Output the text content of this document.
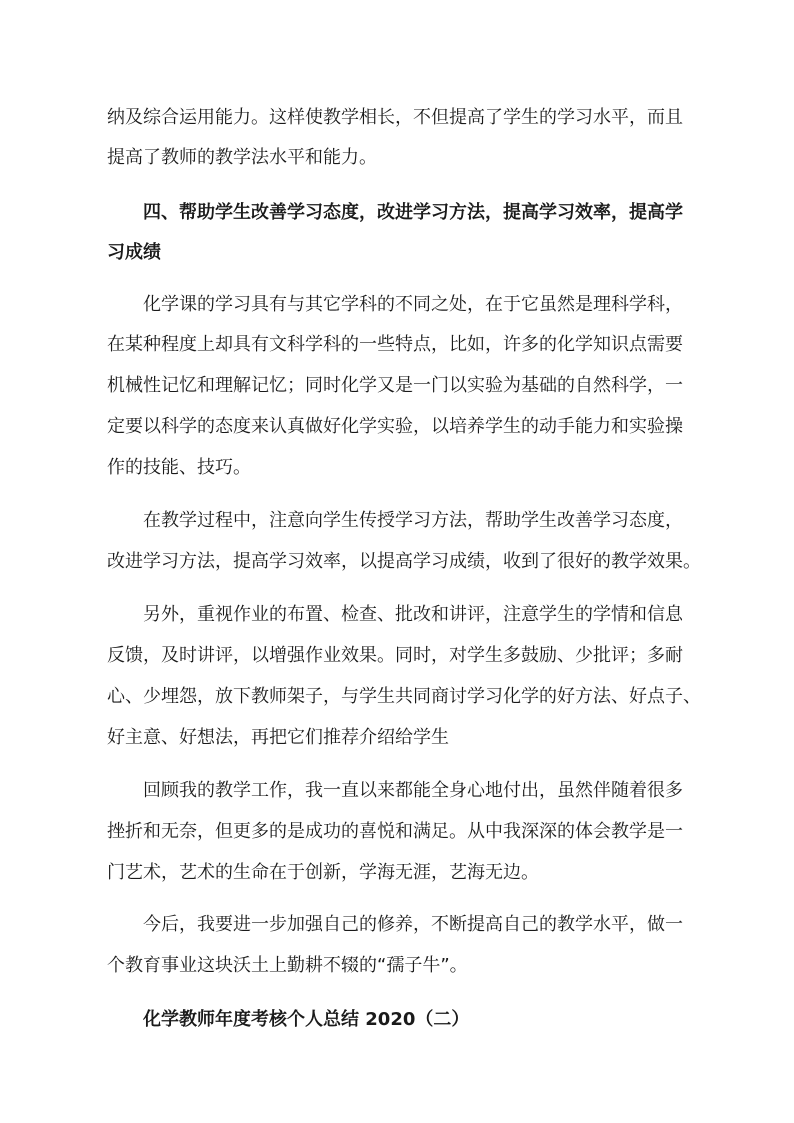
纳及综合运用能力。这样使教学相长，不但提高了学生的学习水平，而且
提高了教师的教学法水平和能力。
四、帮助学生改善学习态度，改进学习方法，提高学习效率，提高学
习成绩
化学课的学习具有与其它学科的不同之处，在于它虽然是理科学科，
在某种程度上却具有文科学科的一些特点，比如，许多的化学知识点需要
机械性记忆和理解记忆；同时化学又是一门以实验为基础的自然科学，一
定要以科学的态度来认真做好化学实验，以培养学生的动手能力和实验操
作的技能、技巧。
在教学过程中，注意向学生传授学习方法，帮助学生改善学习态度，
改进学习方法，提高学习效率，以提高学习成绩，收到了很好的教学效果。
另外，重视作业的布置、检查、批改和讲评，注意学生的学情和信息
反馈，及时讲评，以增强作业效果。同时，对学生多鼓励、少批评；多耐
心、少埋怨，放下教师架子，与学生共同商讨学习化学的好方法、好点子、
好主意、好想法，再把它们推荐介绍给学生
回顾我的教学工作，我一直以来都能全身心地付出，虽然伴随着很多
挫折和无奈，但更多的是成功的喜悦和满足。从中我深深的体会教学是一
门艺术，艺术的生命在于创新，学海无涯，艺海无边。
今后，我要进一步加强自己的修养，不断提高自己的教学水平，做一
个教育事业这块沃土上勤耕不辍的“孺子牛”。
化学教师年度考核个人总结 2020（二）
